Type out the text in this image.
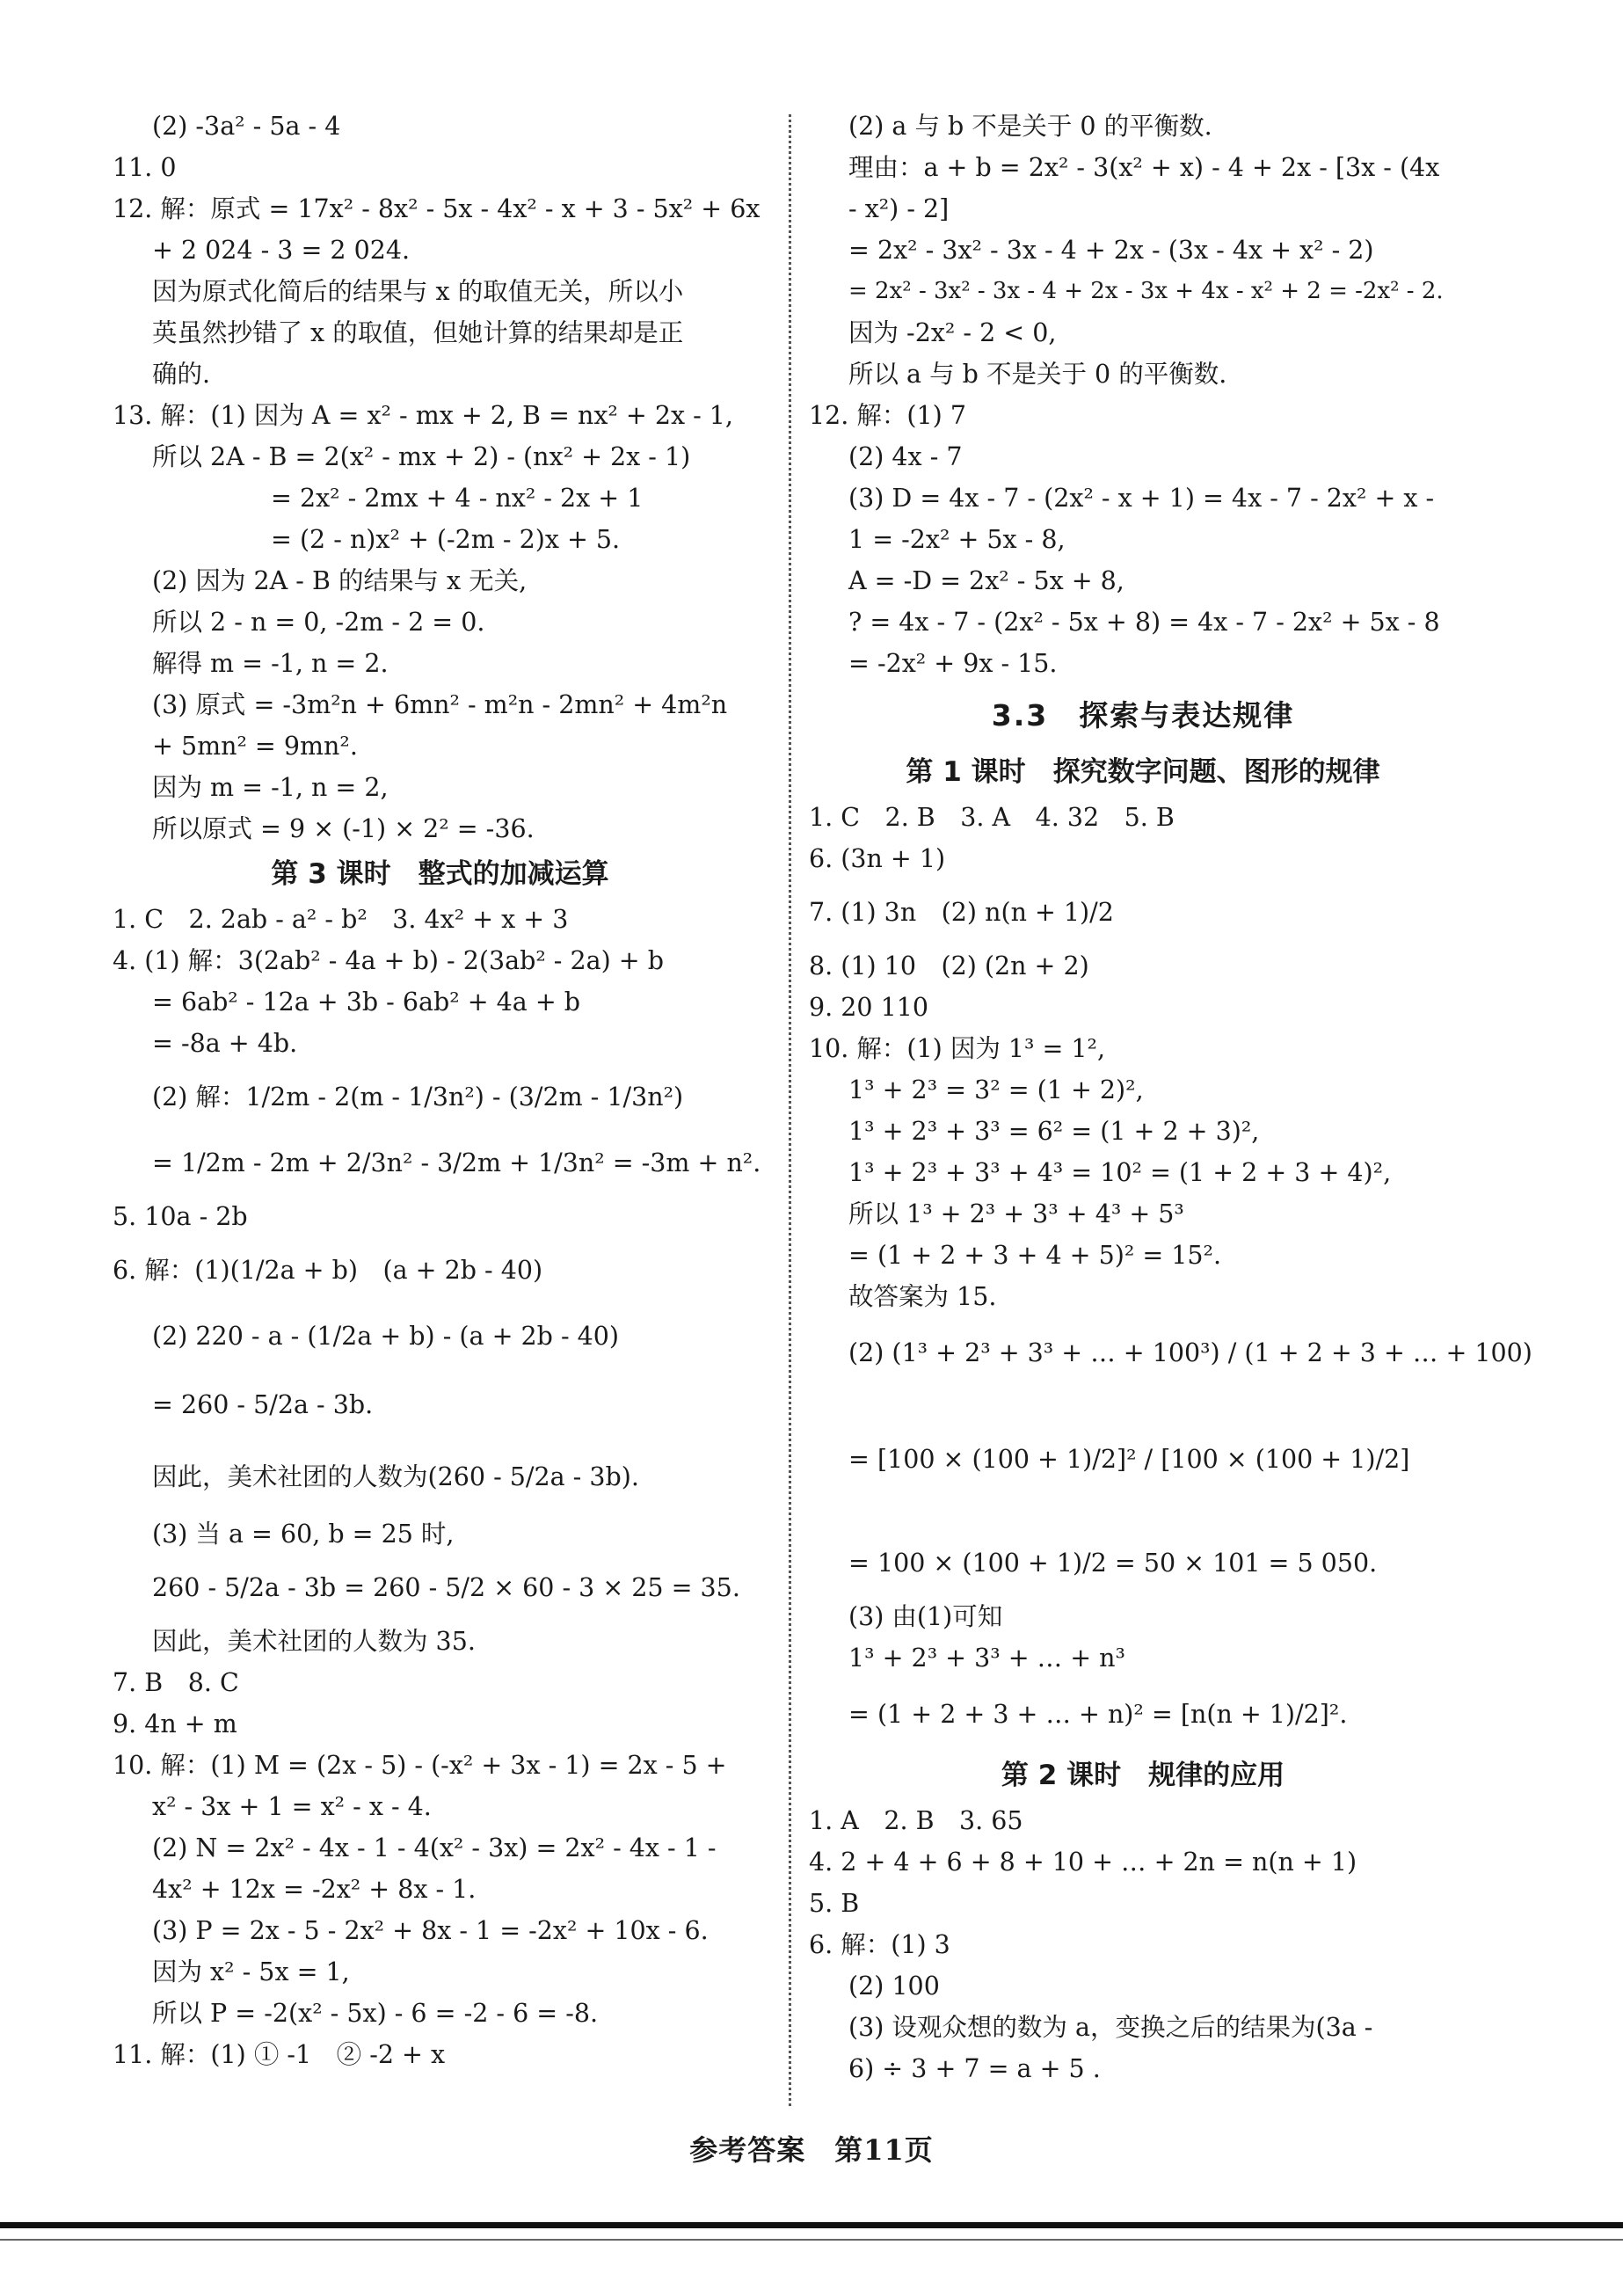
(2) -3a² - 5a - 4
11. 0
12. 解：原式 = 17x² - 8x² - 5x - 4x² - x + 3 - 5x² + 6x
+ 2 024 - 3 = 2 024.
因为原式化简后的结果与 x 的取值无关，所以小
英虽然抄错了 x 的取值，但她计算的结果却是正
确的.
13. 解：(1) 因为 A = x² - mx + 2, B = nx² + 2x - 1,
所以 2A - B = 2(x² - mx + 2) - (nx² + 2x - 1)
= 2x² - 2mx + 4 - nx² - 2x + 1
= (2 - n)x² + (-2m - 2)x + 5.
(2) 因为 2A - B 的结果与 x 无关,
所以 2 - n = 0, -2m - 2 = 0.
解得 m = -1, n = 2.
(3) 原式 = -3m²n + 6mn² - m²n - 2mn² + 4m²n
+ 5mn² = 9mn².
因为 m = -1, n = 2,
所以原式 = 9 × (-1) × 2² = -36.
第 3 课时　整式的加减运算
1. C　2. 2ab - a² - b²　3. 4x² + x + 3
4. (1) 解：3(2ab² - 4a + b) - 2(3ab² - 2a) + b
= 6ab² - 12a + 3b - 6ab² + 4a + b
= -8a + 4b.
(2) 解：1/2m - 2(m - 1/3n²) - (3/2m - 1/3n²)
= 1/2m - 2m + 2/3n² - 3/2m + 1/3n² = -3m + n².
5. 10a - 2b
6. 解：(1)(1/2a + b)　(a + 2b - 40)
(2) 220 - a - (1/2a + b) - (a + 2b - 40)
= 260 - 5/2a - 3b.
因此，美术社团的人数为(260 - 5/2a - 3b).
(3) 当 a = 60, b = 25 时,
260 - 5/2a - 3b = 260 - 5/2 × 60 - 3 × 25 = 35.
因此，美术社团的人数为 35.
7. B　8. C
9. 4n + m
10. 解：(1) M = (2x - 5) - (-x² + 3x - 1) = 2x - 5 +
x² - 3x + 1 = x² - x - 4.
(2) N = 2x² - 4x - 1 - 4(x² - 3x) = 2x² - 4x - 1 -
4x² + 12x = -2x² + 8x - 1.
(3) P = 2x - 5 - 2x² + 8x - 1 = -2x² + 10x - 6.
因为 x² - 5x = 1,
所以 P = -2(x² - 5x) - 6 = -2 - 6 = -8.
11. 解：(1) ① -1　② -2 + x
(2) a 与 b 不是关于 0 的平衡数.
理由：a + b = 2x² - 3(x² + x) - 4 + 2x - [3x - (4x
- x²) - 2]
= 2x² - 3x² - 3x - 4 + 2x - (3x - 4x + x² - 2)
= 2x² - 3x² - 3x - 4 + 2x - 3x + 4x - x² + 2 = -2x² - 2.
因为 -2x² - 2 < 0,
所以 a 与 b 不是关于 0 的平衡数.
12. 解：(1) 7
(2) 4x - 7
(3) D = 4x - 7 - (2x² - x + 1) = 4x - 7 - 2x² + x -
1 = -2x² + 5x - 8,
A = -D = 2x² - 5x + 8,
? = 4x - 7 - (2x² - 5x + 8) = 4x - 7 - 2x² + 5x - 8
= -2x² + 9x - 15.
3.3　探索与表达规律
第 1 课时　探究数字问题、图形的规律
1. C　2. B　3. A　4. 32　5. B
6. (3n + 1)
7. (1) 3n　(2) n(n + 1)/2
8. (1) 10　(2) (2n + 2)
9. 20 110
10. 解：(1) 因为 1³ = 1²,
1³ + 2³ = 3² = (1 + 2)²,
1³ + 2³ + 3³ = 6² = (1 + 2 + 3)²,
1³ + 2³ + 3³ + 4³ = 10² = (1 + 2 + 3 + 4)²,
所以 1³ + 2³ + 3³ + 4³ + 5³
= (1 + 2 + 3 + 4 + 5)² = 15².
故答案为 15.
(2) (1³ + 2³ + 3³ + … + 100³) / (1 + 2 + 3 + … + 100)
= [100 × (100 + 1)/2]² / [100 × (100 + 1)/2]
= 100 × (100 + 1)/2 = 50 × 101 = 5 050.
(3) 由(1)可知
1³ + 2³ + 3³ + … + n³
= (1 + 2 + 3 + … + n)² = [n(n + 1)/2]².
第 2 课时　规律的应用
1. A　2. B　3. 65
4. 2 + 4 + 6 + 8 + 10 + … + 2n = n(n + 1)
5. B
6. 解：(1) 3
(2) 100
(3) 设观众想的数为 a，变换之后的结果为(3a -
6) ÷ 3 + 7 = a + 5 .
参考答案　第11页
